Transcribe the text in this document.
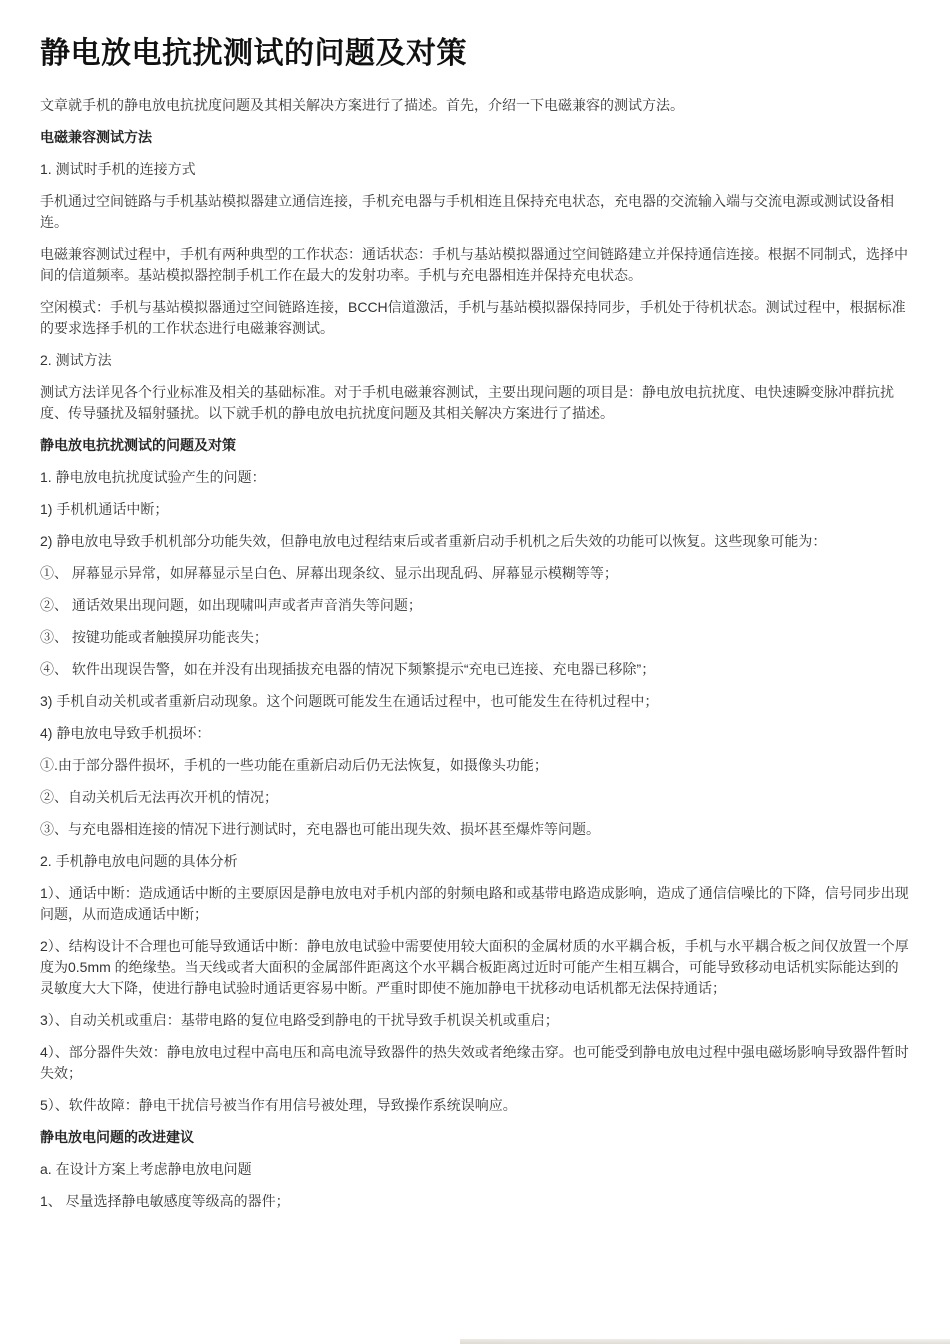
静电放电抗扰测试的问题及对策

文章就手机的静电放电抗扰度问题及其相关解决方案进行了描述。首先，介绍一下电磁兼容的测试方法。

电磁兼容测试方法

1. 测试时手机的连接方式

手机通过空间链路与手机基站模拟器建立通信连接，手机充电器与手机相连且保持充电状态，充电器的交流输入端与交流电源或测试设备相连。

电磁兼容测试过程中，手机有两种典型的工作状态：通话状态：手机与基站模拟器通过空间链路建立并保持通信连接。根据不同制式，选择中间的信道频率。基站模拟器控制手机工作在最大的发射功率。手机与充电器相连并保持充电状态。

空闲模式：手机与基站模拟器通过空间链路连接，BCCH信道激活，手机与基站模拟器保持同步，手机处于待机状态。测试过程中，根据标准的要求选择手机的工作状态进行电磁兼容测试。

2. 测试方法

测试方法详见各个行业标准及相关的基础标准。对于手机电磁兼容测试，主要出现问题的项目是：静电放电抗扰度、电快速瞬变脉冲群抗扰度、传导骚扰及辐射骚扰。以下就手机的静电放电抗扰度问题及其相关解决方案进行了描述。

静电放电抗扰测试的问题及对策

1. 静电放电抗扰度试验产生的问题：

1) 手机机通话中断；

2) 静电放电导致手机机部分功能失效，但静电放电过程结束后或者重新启动手机机之后失效的功能可以恢复。这些现象可能为：

①、 屏幕显示异常，如屏幕显示呈白色、屏幕出现条纹、显示出现乱码、屏幕显示模糊等等；

②、 通话效果出现问题，如出现啸叫声或者声音消失等问题；

③、 按键功能或者触摸屏功能丧失；

④、 软件出现误告警，如在并没有出现插拔充电器的情况下频繁提示“充电已连接、充电器已移除”；

3) 手机自动关机或者重新启动现象。这个问题既可能发生在通话过程中，也可能发生在待机过程中；

4) 静电放电导致手机损坏：

①.由于部分器件损坏，手机的一些功能在重新启动后仍无法恢复，如摄像头功能；

②、自动关机后无法再次开机的情况；

③、与充电器相连接的情况下进行测试时，充电器也可能出现失效、损坏甚至爆炸等问题。

2. 手机静电放电问题的具体分析

1）、通话中断：造成通话中断的主要原因是静电放电对手机内部的射频电路和或基带电路造成影响，造成了通信信噪比的下降，信号同步出现问题，从而造成通话中断；

2）、结构设计不合理也可能导致通话中断：静电放电试验中需要使用较大面积的金属材质的水平耦合板，手机与水平耦合板之间仅放置一个厚度为0.5mm 的绝缘垫。当天线或者大面积的金属部件距离这个水平耦合板距离过近时可能产生相互耦合，可能导致移动电话机实际能达到的灵敏度大大下降，使进行静电试验时通话更容易中断。严重时即使不施加静电干扰移动电话机都无法保持通话；

3）、自动关机或重启：基带电路的复位电路受到静电的干扰导致手机误关机或重启；

4）、部分器件失效：静电放电过程中高电压和高电流导致器件的热失效或者绝缘击穿。也可能受到静电放电过程中强电磁场影响导致器件暂时失效；

5）、软件故障：静电干扰信号被当作有用信号被处理，导致操作系统误响应。

静电放电问题的改进建议

a. 在设计方案上考虑静电放电问题

1、 尽量选择静电敏感度等级高的器件；
